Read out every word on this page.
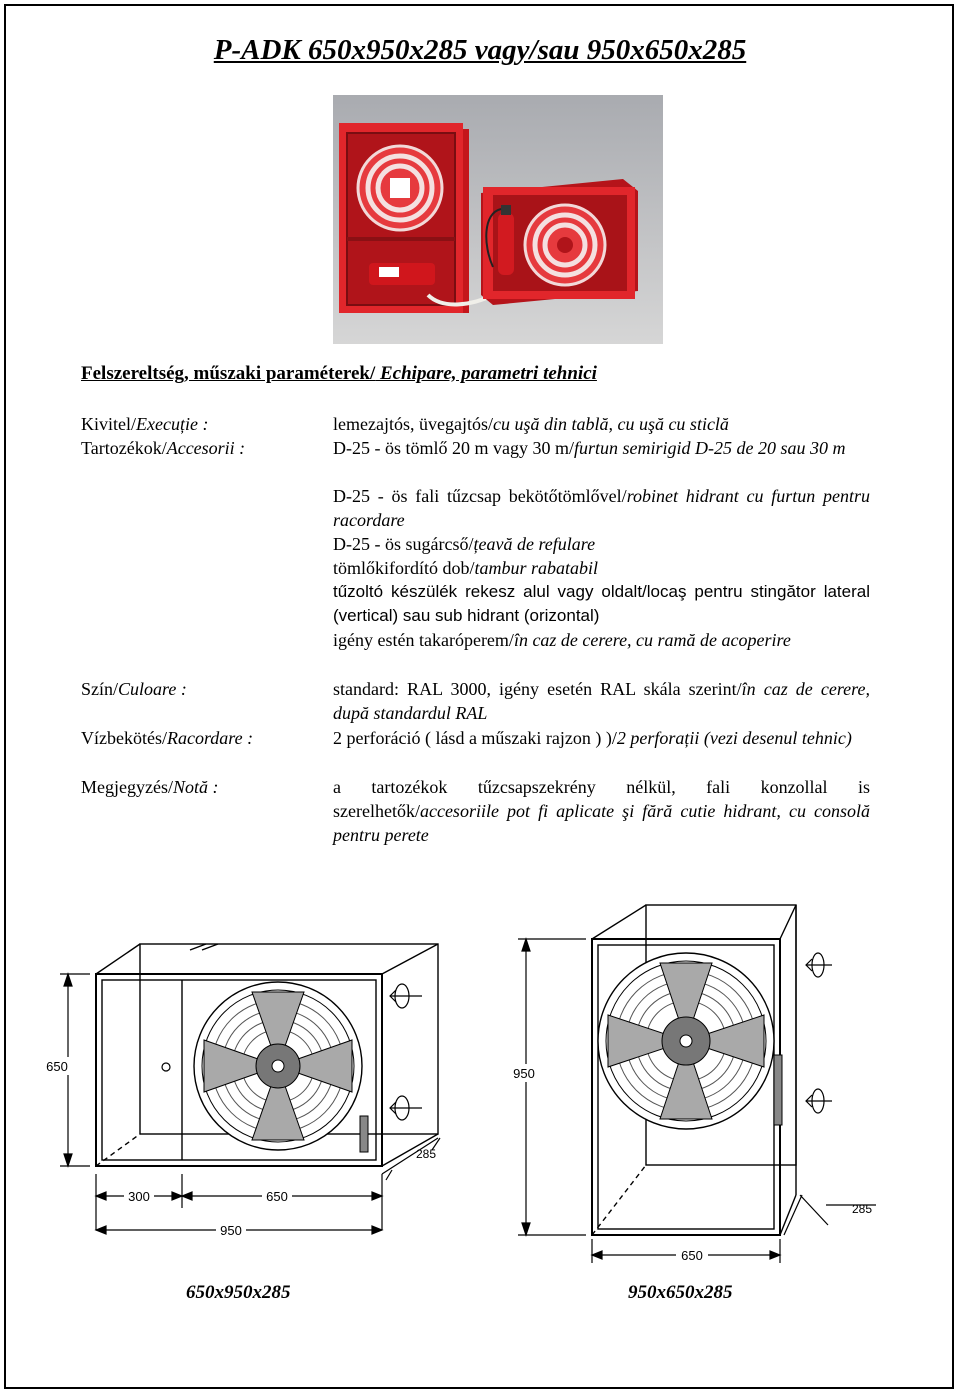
P-ADK 650x950x285 vagy/sau 950x650x285
Felszereltség, műszaki paraméterek/ Echipare, parametri tehnici
Kivitel/Execuție :	lemezajtós, üvegajtós/cu uşă din tablă, cu uşă cu sticlă
Tartozékok/Accesorii :	D-25 - ös tömlő 20 m vagy 30 m/furtun semirigid D-25 de 20 sau 30 m
D-25 - ös fali tűzcsap bekötőtömlővel/robinet hidrant cu furtun pentru racordare
D-25 - ös sugárcső/țeavă de refulare
tömlőkifordító dob/tambur rabatabil
tűzoltó készülék rekesz alul vagy oldalt/locaş pentru stingător lateral (vertical) sau sub hidrant (orizontal)
igény estén takaróperem/în caz de cerere, cu ramă de acoperire
Szín/Culoare :	standard: RAL 3000, igény esetén RAL skála szerint/în caz de cerere, după standardul RAL
Vízbekötés/Racordare :	2 perforáció ( lásd a műszaki rajzon ) )/2 perforații (vezi desenul tehnic)
Megjegyzés/Notă :	a tartozékok tűzcsapszekrény nélkül, fali konzollal is szerelhetők/accesoriile pot fi aplicate şi fără cutie hidrant, cu consolă pentru perete
650
285
300	650
950
950
285
650
650x950x285	950x650x285
